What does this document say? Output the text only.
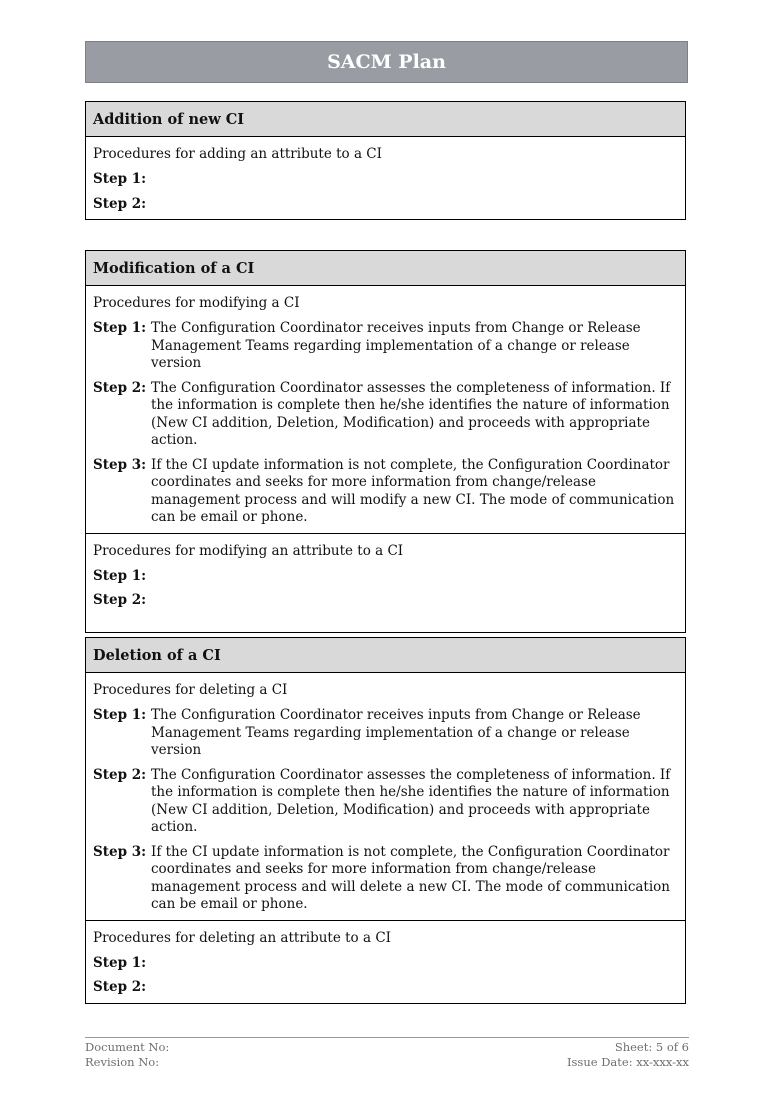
SACM Plan
Addition of new CI
Procedures for adding an attribute to a CI
Step 1:
Step 2:
Modification of a CI
Procedures for modifying a CI
Step 1: The Configuration Coordinator receives inputs from Change or Release Management Teams regarding implementation of a change or release version
Step 2: The Configuration Coordinator assesses the completeness of information. If the information is complete then he/she identifies the nature of information (New CI addition, Deletion, Modification) and proceeds with appropriate action.
Step 3: If the CI update information is not complete, the Configuration Coordinator coordinates and seeks for more information from change/release management process and will modify a new CI. The mode of communication can be email or phone.
Procedures for modifying an attribute to a CI
Step 1:
Step 2:
Deletion of a CI
Procedures for deleting a CI
Step 1: The Configuration Coordinator receives inputs from Change or Release Management Teams regarding implementation of a change or release version
Step 2: The Configuration Coordinator assesses the completeness of information. If the information is complete then he/she identifies the nature of information (New CI addition, Deletion, Modification) and proceeds with appropriate action.
Step 3: If the CI update information is not complete, the Configuration Coordinator coordinates and seeks for more information from change/release management process and will delete a new CI. The mode of communication can be email or phone.
Procedures for deleting an attribute to a CI
Step 1:
Step 2:
Document No:	Sheet: 5 of 6
Revision No:	Issue Date: xx-xxx-xx
